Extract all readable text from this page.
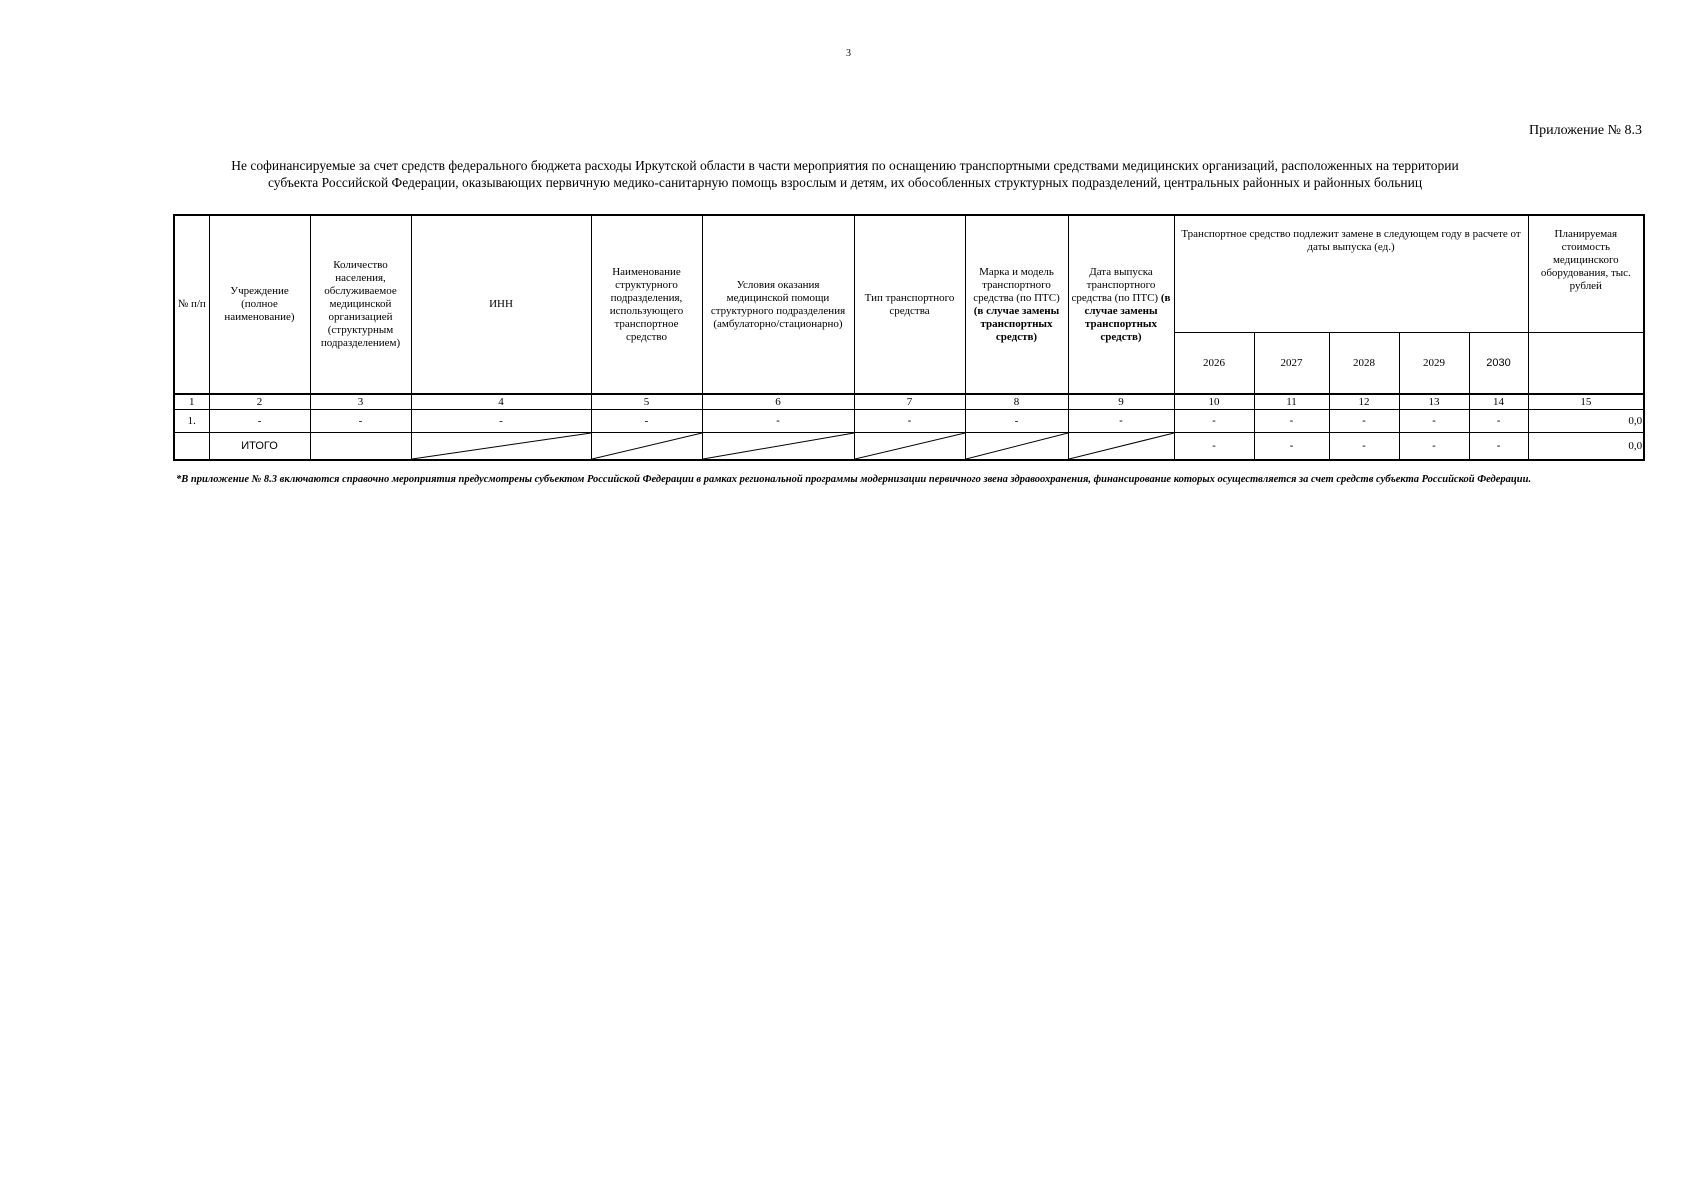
3
Приложение № 8.3
Не софинансируемые за счет средств федерального бюджета расходы Иркутской области в части мероприятия по оснащению транспортными средствами медицинских организаций, расположенных на территории
субъекта Российской Федерации, оказывающих первичную медико-санитарную помощь взрослым и детям, их обособленных структурных подразделений, центральных районных и районных больниц
№ п/п	Учреждение (полное наименование)	Количество населения, обслуживаемое медицинской организацией (структурным подразделением)	ИНН	Наименование структурного подразделения, использующего транспортное средство	Условия оказания медицинской помощи структурного подразделения (амбулаторно/стационарно)	Тип транспортного средства	Марка и модель транспортного средства (по ПТС) (в случае замены транспортных средств)	Дата выпуска транспортного средства (по ПТС) (в случае замены транспортных средств)	Транспортное средство подлежит замене в следующем году в расчете от даты выпуска (ед.)					Планируемая стоимость медицинского оборудования, тыс. рублей
									2026	2027	2028	2029	2030	
1	2	3	4	5	6	7	8	9	10	11	12	13	14	15
1.	-	-	-	-	-	-	-	-	-	-	-	-	-	0,0
	ИТОГО								-	-	-	-	-	0,0
*В приложение № 8.3 включаются справочно мероприятия предусмотрены субъектом Российской Федерации в рамках региональной программы модернизации первичного звена здравоохранения, финансирование которых осуществляется за счет средств субъекта Российской Федерации.
